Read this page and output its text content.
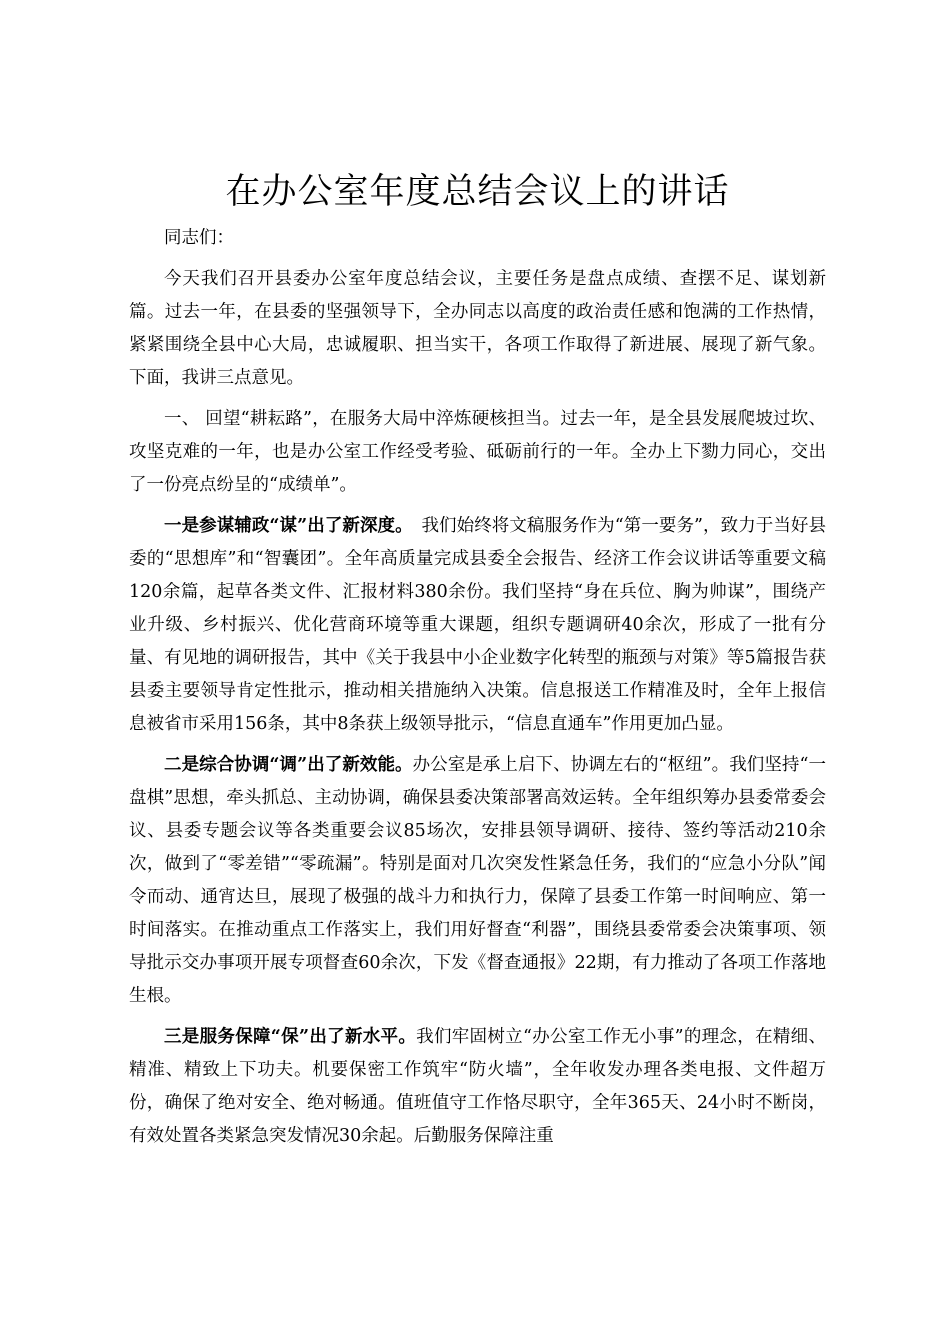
在办公室年度总结会议上的讲话

同志们：

今天我们召开县委办公室年度总结会议，主要任务是盘点成绩、查摆不足、谋划新篇。过去一年，在县委的坚强领导下，全办同志以高度的政治责任感和饱满的工作热情，紧紧围绕全县中心大局，忠诚履职、担当实干，各项工作取得了新进展、展现了新气象。下面，我讲三点意见。

一、 回望“耕耘路”，在服务大局中淬炼硬核担当。过去一年，是全县发展爬坡过坎、攻坚克难的一年，也是办公室工作经受考验、砥砺前行的一年。全办上下勠力同心，交出了一份亮点纷呈的“成绩单”。

一是参谋辅政“谋”出了新深度。　我们始终将文稿服务作为“第一要务”，致力于当好县委的“思想库”和“智囊团”。全年高质量完成县委全会报告、经济工作会议讲话等重要文稿120余篇，起草各类文件、汇报材料380余份。我们坚持“身在兵位、胸为帅谋”，围绕产业升级、乡村振兴、优化营商环境等重大课题，组织专题调研40余次，形成了一批有分量、有见地的调研报告，其中《关于我县中小企业数字化转型的瓶颈与对策》等5篇报告获县委主要领导肯定性批示，推动相关措施纳入决策。信息报送工作精准及时，全年上报信息被省市采用156条，其中8条获上级领导批示，“信息直通车”作用更加凸显。

二是综合协调“调”出了新效能。办公室是承上启下、协调左右的“枢纽”。我们坚持“一盘棋”思想，牵头抓总、主动协调，确保县委决策部署高效运转。全年组织筹办县委常委会议、县委专题会议等各类重要会议85场次，安排县领导调研、接待、签约等活动210余次，做到了“零差错”“零疏漏”。特别是面对几次突发性紧急任务，我们的“应急小分队”闻令而动、通宵达旦，展现了极强的战斗力和执行力，保障了县委工作第一时间响应、第一时间落实。在推动重点工作落实上，我们用好督查“利器”，围绕县委常委会决策事项、领导批示交办事项开展专项督查60余次，下发《督查通报》22期，有力推动了各项工作落地生根。

三是服务保障“保”出了新水平。我们牢固树立“办公室工作无小事”的理念，在精细、精准、精致上下功夫。机要保密工作筑牢“防火墙”，全年收发办理各类电报、文件超万份，确保了绝对安全、绝对畅通。值班值守工作恪尽职守，全年365天、24小时不断岗，有效处置各类紧急突发情况30余起。后勤服务保障注重
